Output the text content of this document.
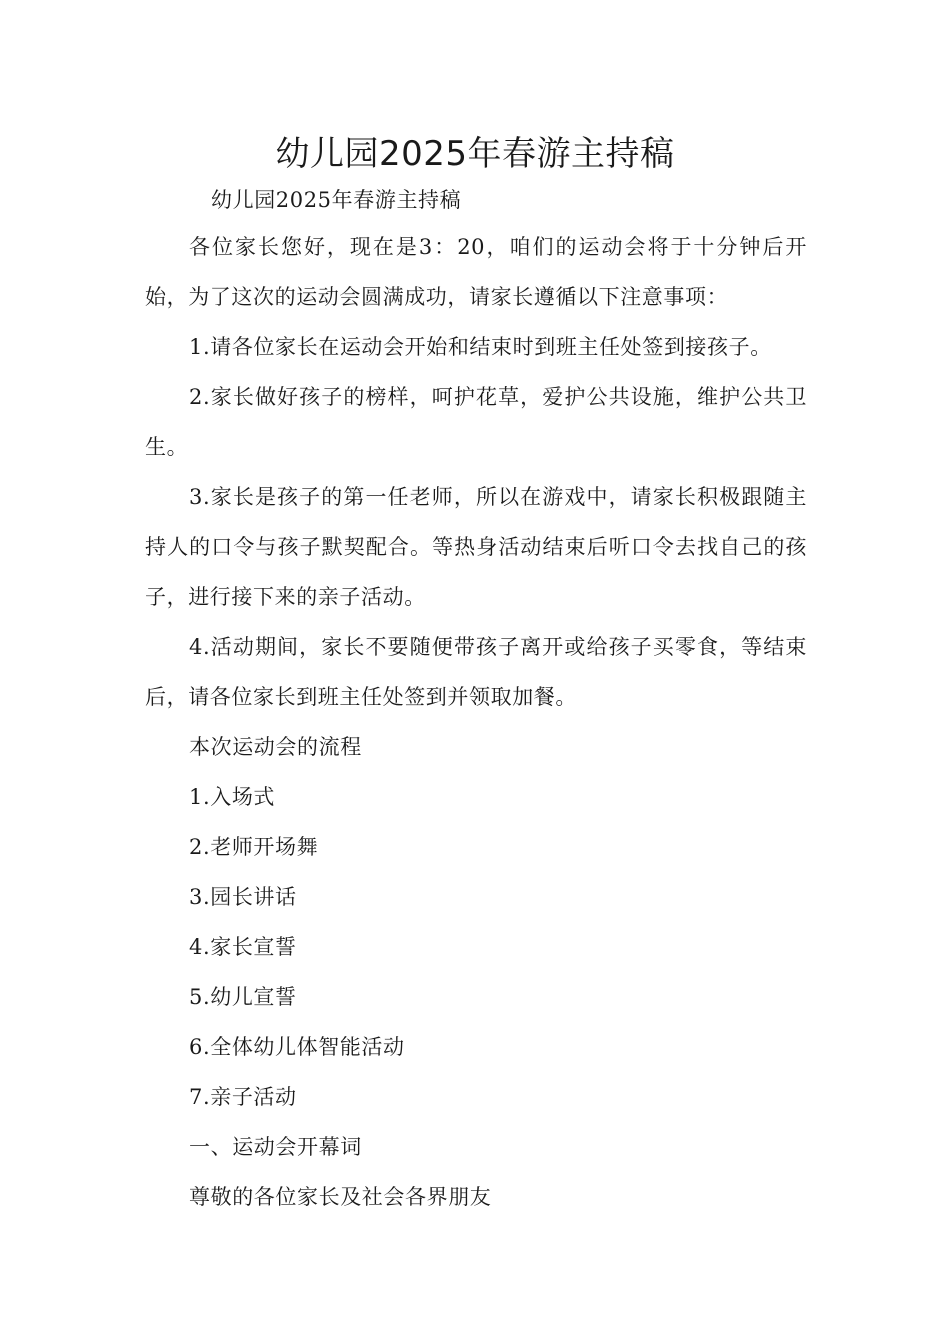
幼儿园2025年春游主持稿

幼儿园2025年春游主持稿

各位家长您好，现在是3：20，咱们的运动会将于十分钟后开始，为了这次的运动会圆满成功，请家长遵循以下注意事项：

1.请各位家长在运动会开始和结束时到班主任处签到接孩子。

2.家长做好孩子的榜样，呵护花草，爱护公共设施，维护公共卫生。

3.家长是孩子的第一任老师，所以在游戏中，请家长积极跟随主持人的口令与孩子默契配合。等热身活动结束后听口令去找自己的孩子，进行接下来的亲子活动。

4.活动期间，家长不要随便带孩子离开或给孩子买零食，等结束后，请各位家长到班主任处签到并领取加餐。

本次运动会的流程

1.入场式

2.老师开场舞

3.园长讲话

4.家长宣誓

5.幼儿宣誓

6.全体幼儿体智能活动

7.亲子活动

一、运动会开幕词

尊敬的各位家长及社会各界朋友
